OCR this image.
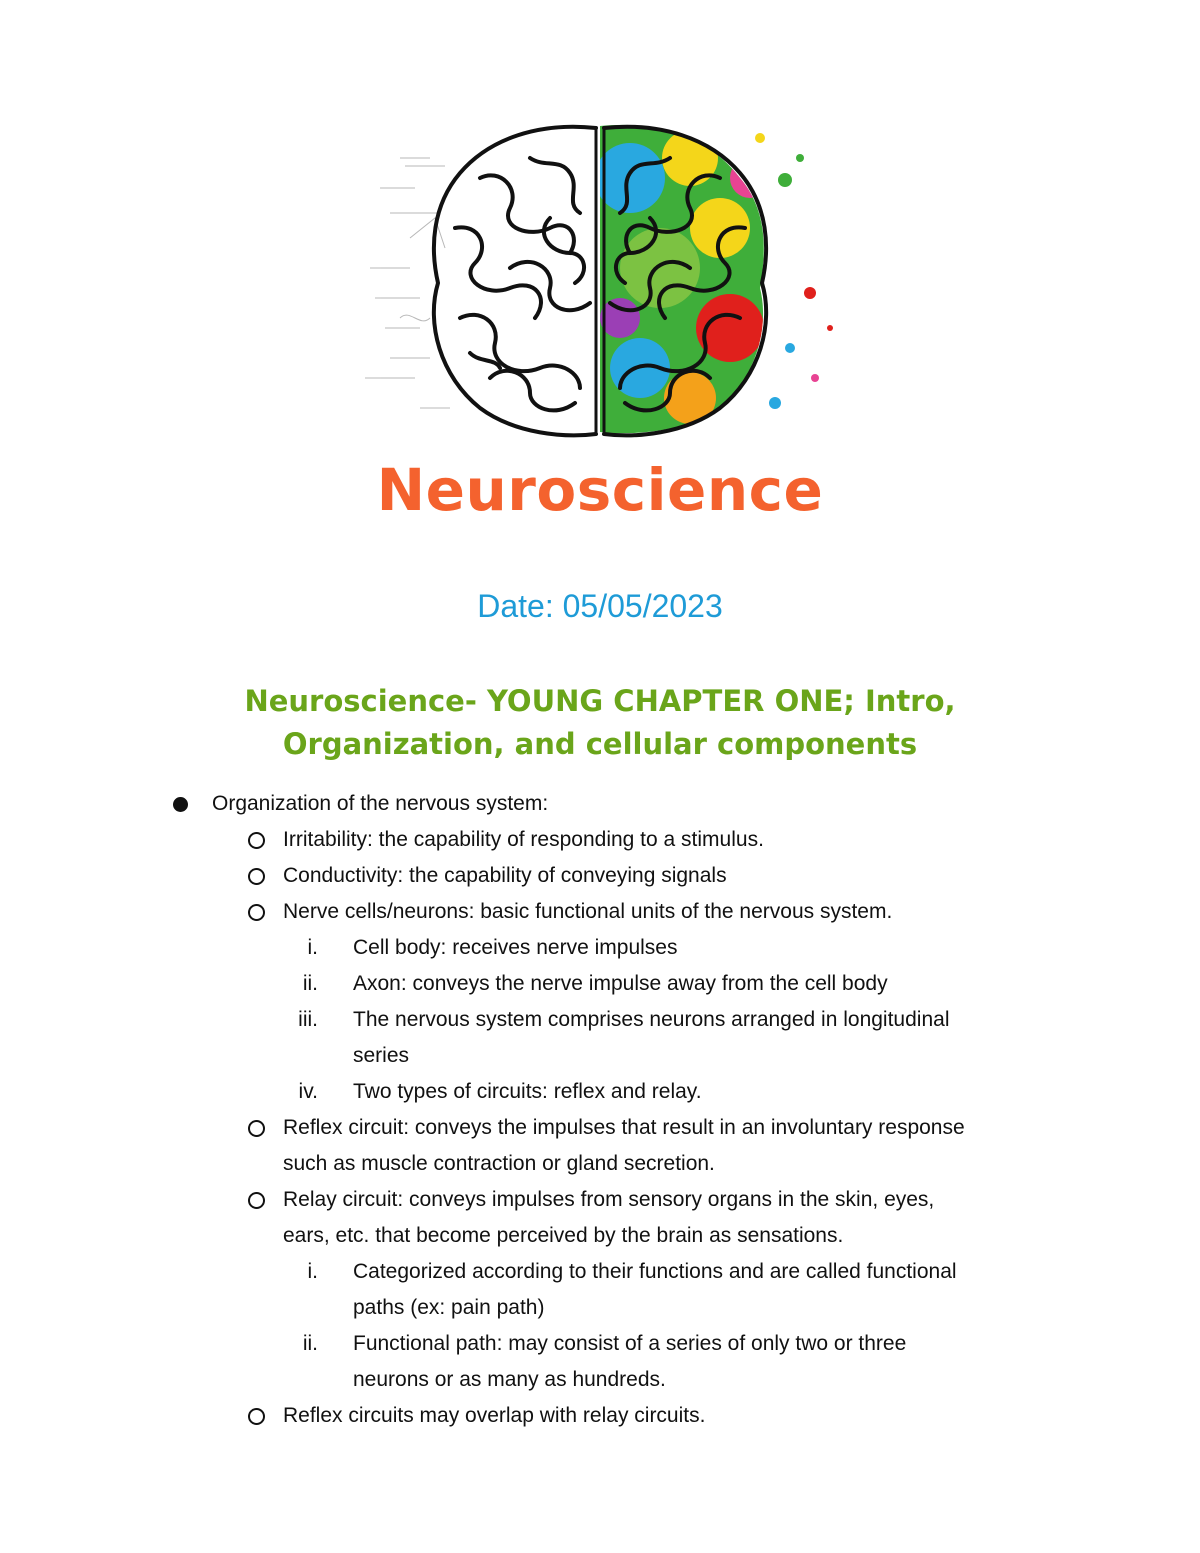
Neuroscience
Date: 05/05/2023
Neuroscience- YOUNG CHAPTER ONE; Intro,
Organization, and cellular components
Organization of the nervous system:
Irritability: the capability of responding to a stimulus.
Conductivity: the capability of conveying signals
Nerve cells/neurons: basic functional units of the nervous system.
i. Cell body: receives nerve impulses
ii. Axon: conveys the nerve impulse away from the cell body
iii. The nervous system comprises neurons arranged in longitudinal
series
iv. Two types of circuits: reflex and relay.
Reflex circuit: conveys the impulses that result in an involuntary response
such as muscle contraction or gland secretion.
Relay circuit: conveys impulses from sensory organs in the skin, eyes,
ears, etc. that become perceived by the brain as sensations.
i. Categorized according to their functions and are called functional
paths (ex: pain path)
ii. Functional path: may consist of a series of only two or three
neurons or as many as hundreds.
Reflex circuits may overlap with relay circuits.
